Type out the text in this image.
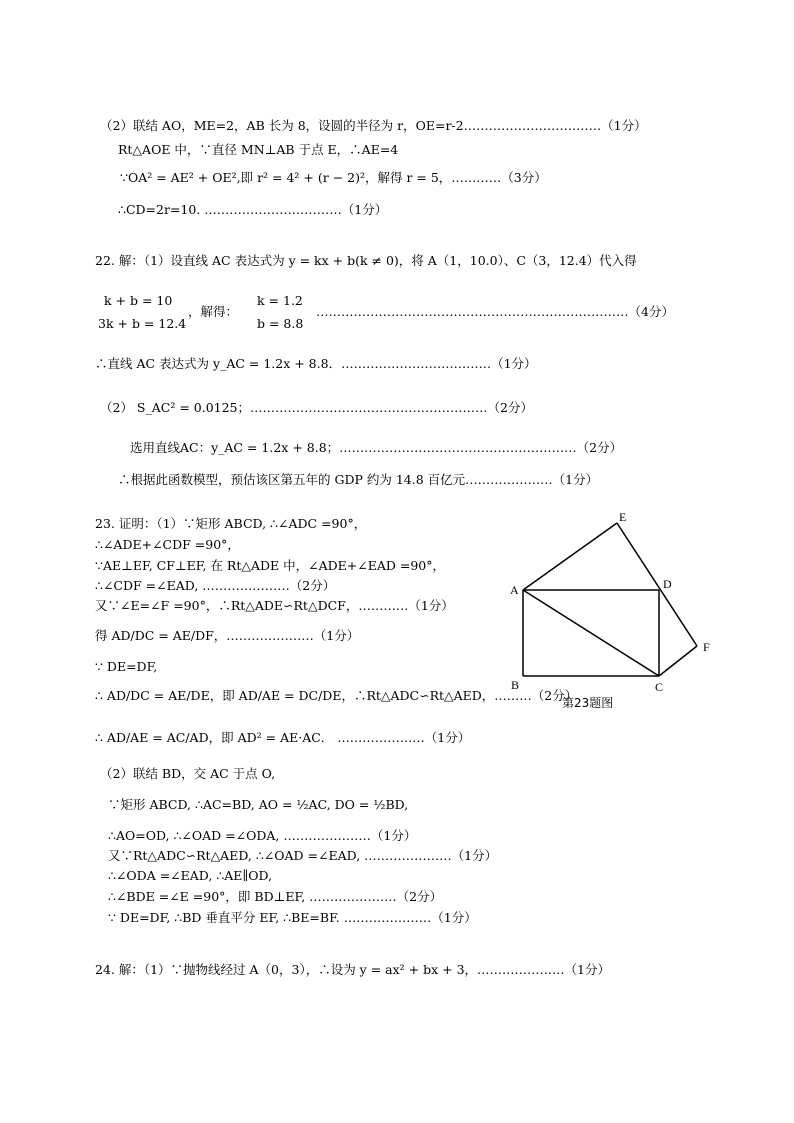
（2）联结 AO，ME=2，AB 长为 8，设圆的半径为 r，OE=r-2……………………………（1分）
Rt△AOE 中，∵直径 MN⊥AB 于点 E，∴AE=4
∵OA² = AE² + OE²,即 r² = 4² + (r − 2)²，解得 r = 5，…………（3分）
∴CD=2r=10. ……………………………（1分）
22. 解：（1）设直线 AC 表达式为 y = kx + b(k ≠ 0)，将 A（1，10.0）、C（3，12.4）代入得
k + b = 10
3k + b = 12.4
，解得：
k = 1.2
b = 8.8
…………………………………………………………………（4分）
∴直线 AC 表达式为 y_AC = 1.2x + 8.8．………………………………（1分）
（2） S_AC² = 0.0125；…………………………………………………（2分）
选用直线AC：y_AC = 1.2x + 8.8；…………………………………………………（2分）
∴根据此函数模型，预估该区第五年的 GDP 约为 14.8 百亿元…………………（1分）
23. 证明：（1）∵矩形 ABCD, ∴∠ADC =90°，
∴∠ADE+∠CDF =90°，
∵AE⊥EF, CF⊥EF, 在 Rt△ADE 中，∠ADE+∠EAD =90°，
∴∠CDF =∠EAD, …………………（2分）
又∵∠E=∠F =90°，∴Rt△ADE∽Rt△DCF，…………（1分）
得 AD/DC = AE/DF，…………………（1分）
∵ DE=DF,
∴ AD/DC = AE/DE，即 AD/AE = DC/DE，∴Rt△ADC∽Rt△AED，………（2分）
∴ AD/AE = AC/AD，即 AD² = AE·AC． …………………（1分）
（2）联结 BD，交 AC 于点 O,
∵矩形 ABCD, ∴AC=BD, AO = ½AC, DO = ½BD,
∴AO=OD, ∴∠OAD =∠ODA, …………………（1分）
又∵Rt△ADC∽Rt△AED, ∴∠OAD =∠EAD, …………………（1分）
∴∠ODA =∠EAD, ∴AE∥OD,
∴∠BDE =∠E =90°，即 BD⊥EF, …………………（2分）
∵ DE=DF, ∴BD 垂直平分 EF, ∴BE=BF. …………………（1分）
24. 解：（1）∵抛物线经过 A（0，3），∴设为 y = ax² + bx + 3，…………………（1分）
E
A	D
F
B	C
第23题图
